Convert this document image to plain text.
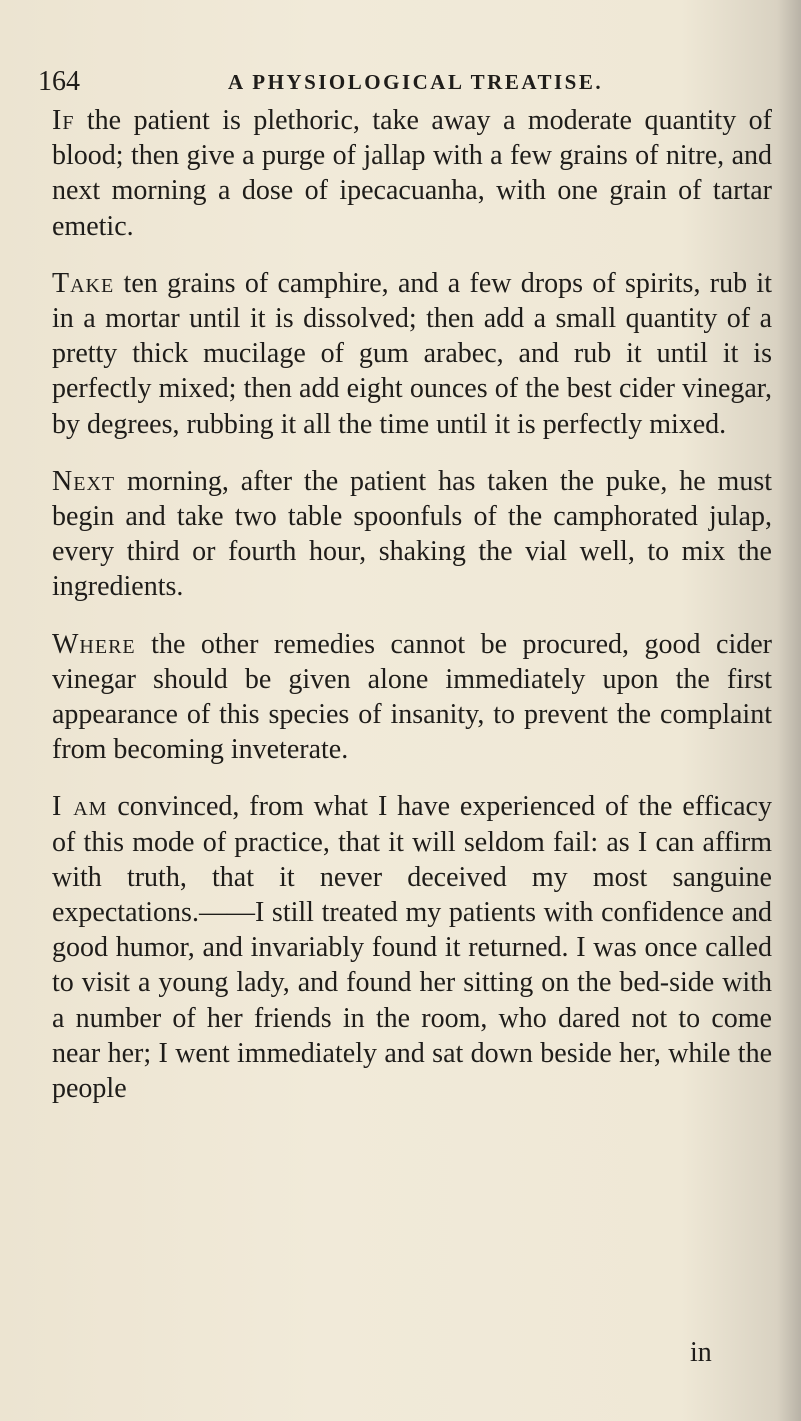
164	A PHYSIOLOGICAL TREATISE.

If the patient is plethoric, take away a moderate quantity of blood; then give a purge of jallap with a few grains of nitre, and next morning a dose of ipecacuanha, with one grain of tartar emetic.

Take ten grains of camphire, and a few drops of spirits, rub it in a mortar until it is dissolved; then add a small quantity of a pretty thick mucilage of gum arabec, and rub it until it is perfectly mixed; then add eight ounces of the best cider vinegar, by degrees, rubbing it all the time until it is perfectly mixed.

Next morning, after the patient has taken the puke, he must begin and take two table spoonfuls of the camphorated julap, every third or fourth hour, shaking the vial well, to mix the ingredients.

Where the other remedies cannot be procured, good cider vinegar should be given alone immediately upon the first appearance of this species of insanity, to prevent the complaint from becoming inveterate.

I am convinced, from what I have experienced of the efficacy of this mode of practice, that it will seldom fail: as I can affirm with truth, that it never deceived my most sanguine expectations.——I still treated my patients with confidence and good humor, and invariably found it returned. I was once called to visit a young lady, and found her sitting on the bed-side with a number of her friends in the room, who dared not to come near her; I went immediately and sat down beside her, while the people

in
